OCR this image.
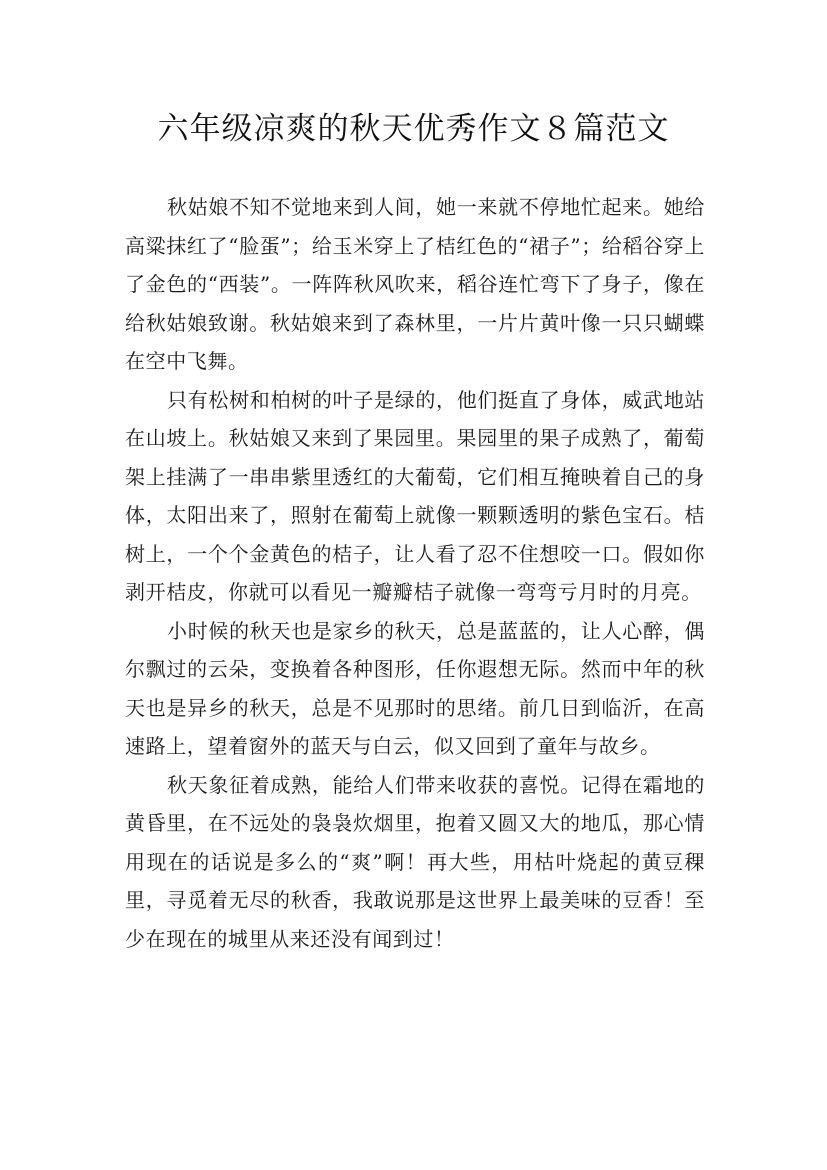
六年级凉爽的秋天优秀作文８篇范文

秋姑娘不知不觉地来到人间，她一来就不停地忙起来。她给高粱抹红了“脸蛋”；给玉米穿上了桔红色的“裙子”；给稻谷穿上了金色的“西装”。一阵阵秋风吹来，稻谷连忙弯下了身子，像在给秋姑娘致谢。秋姑娘来到了森林里，一片片黄叶像一只只蝴蝶在空中飞舞。

只有松树和柏树的叶子是绿的，他们挺直了身体，威武地站在山坡上。秋姑娘又来到了果园里。果园里的果子成熟了，葡萄架上挂满了一串串紫里透红的大葡萄，它们相互掩映着自己的身体，太阳出来了，照射在葡萄上就像一颗颗透明的紫色宝石。桔树上，一个个金黄色的桔子，让人看了忍不住想咬一口。假如你剥开桔皮，你就可以看见一瓣瓣桔子就像一弯弯亏月时的月亮。

小时候的秋天也是家乡的秋天，总是蓝蓝的，让人心醉，偶尔飘过的云朵，变换着各种图形，任你遐想无际。然而中年的秋天也是异乡的秋天，总是不见那时的思绪。前几日到临沂，在高速路上，望着窗外的蓝天与白云，似又回到了童年与故乡。

秋天象征着成熟，能给人们带来收获的喜悦。记得在霜地的黄昏里，在不远处的袅袅炊烟里，抱着又圆又大的地瓜，那心情用现在的话说是多么的“爽”啊！再大些，用枯叶烧起的黄豆稞里，寻觅着无尽的秋香，我敢说那是这世界上最美味的豆香！至少在现在的城里从来还没有闻到过！
